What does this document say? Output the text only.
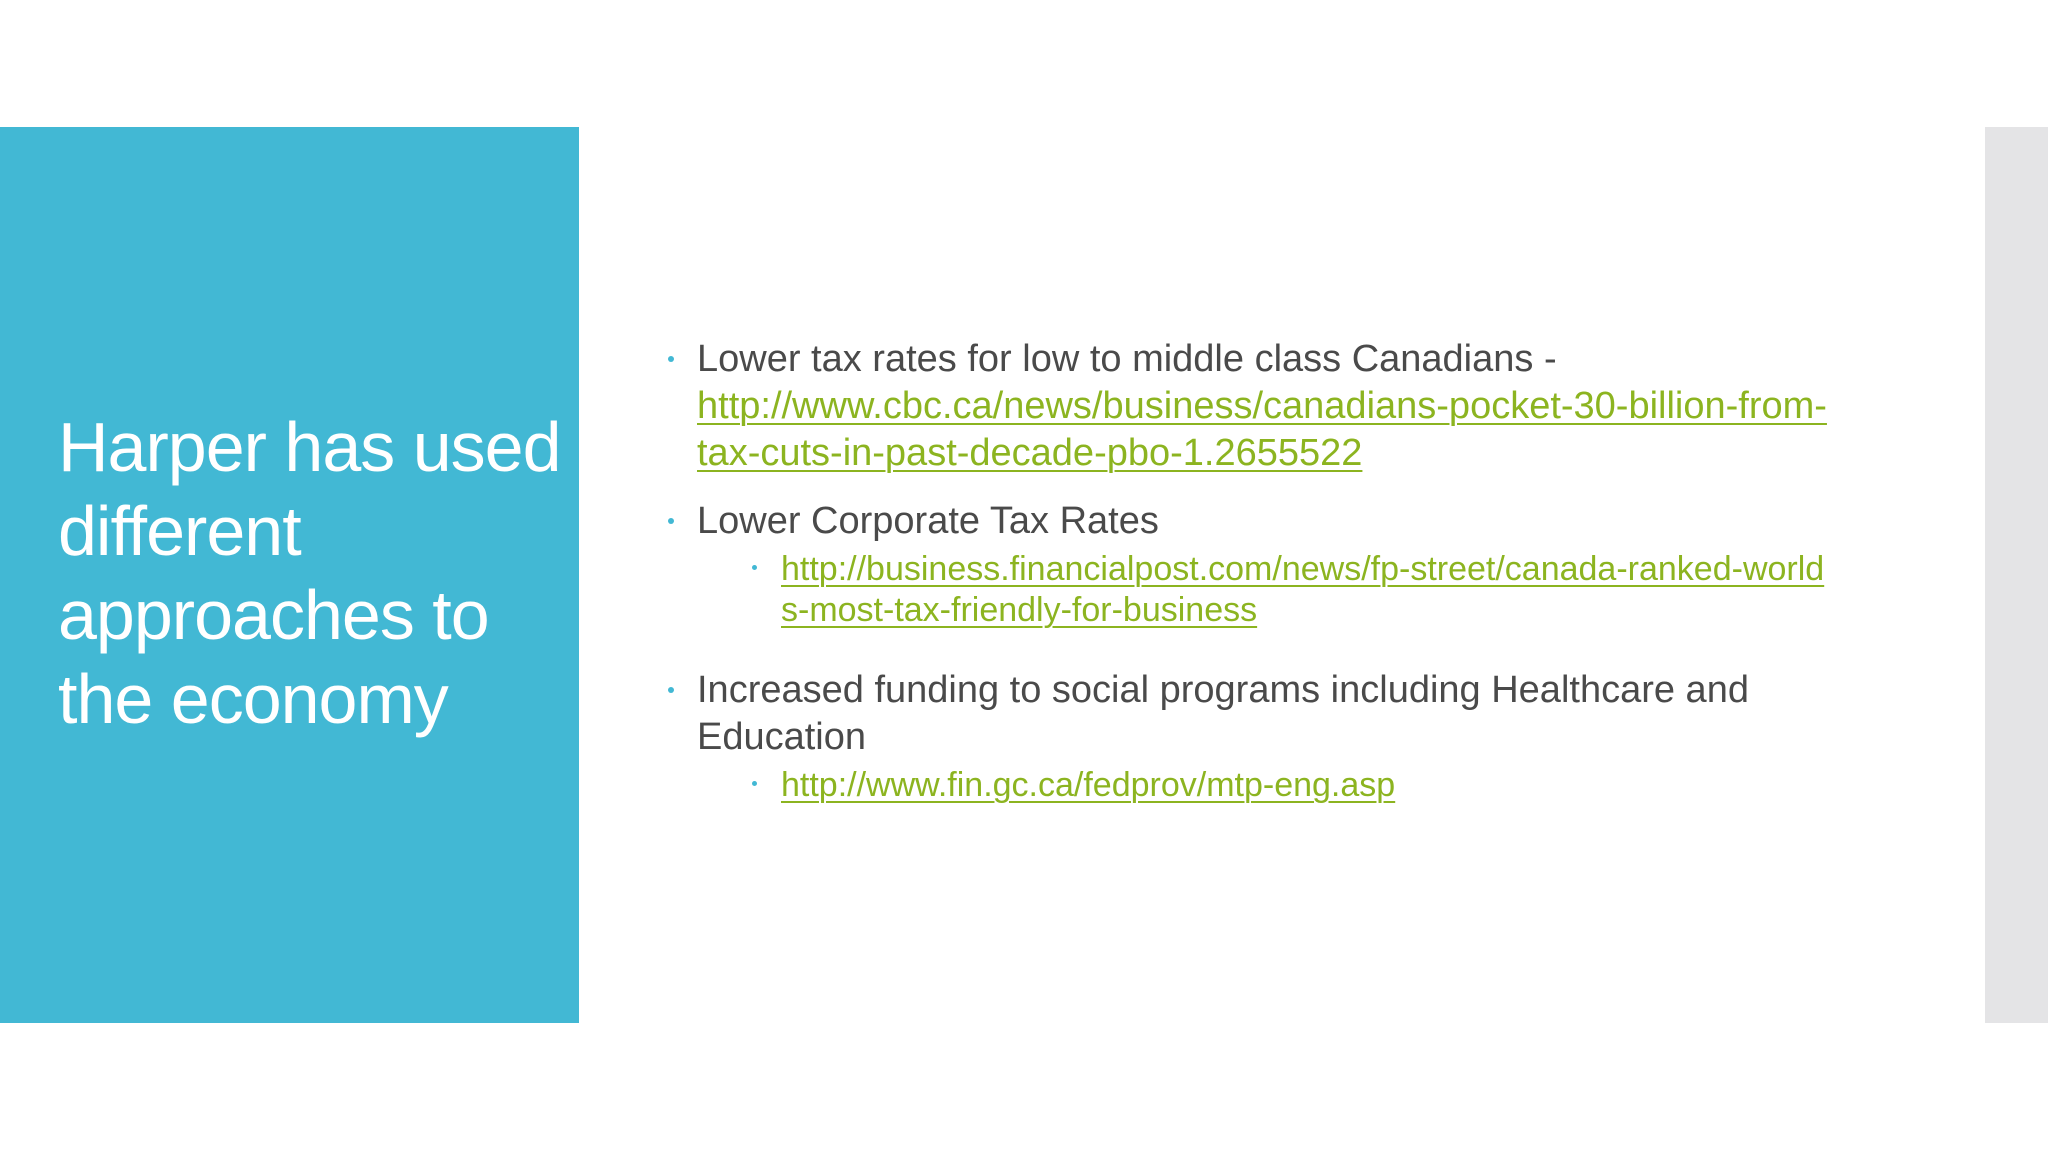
Harper has used different approaches to the economy
Lower tax rates for low to middle class Canadians -
http://www.cbc.ca/news/business/canadians-pocket-30-billion-from-tax-cuts-in-past-decade-pbo-1.2655522
Lower Corporate Tax Rates
http://business.financialpost.com/news/fp-street/canada-ranked-worlds-most-tax-friendly-for-business
Increased funding to social programs including Healthcare and Education
http://www.fin.gc.ca/fedprov/mtp-eng.asp
